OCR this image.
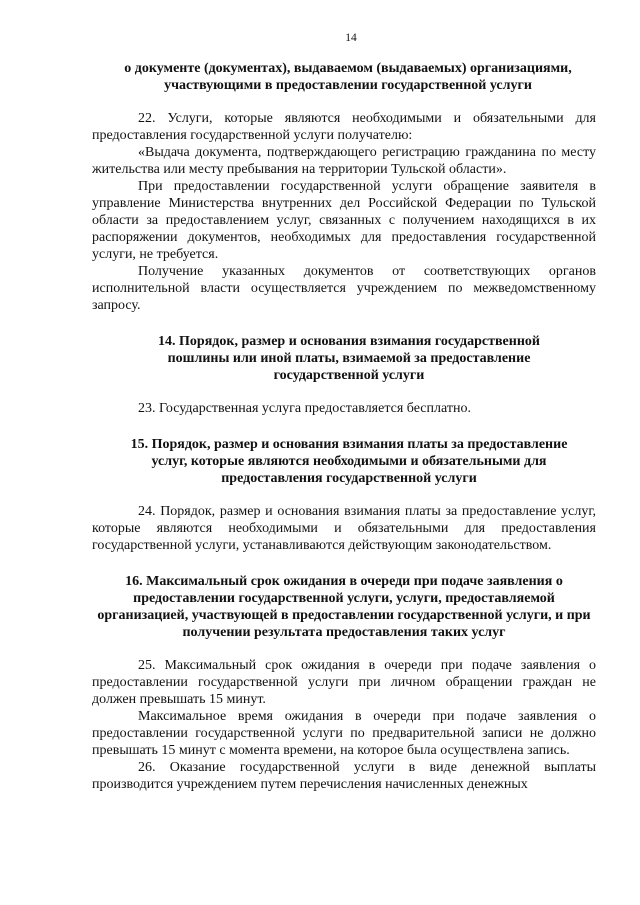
14
о документе (документах), выдаваемом (выдаваемых) организациями, участвующими в предоставлении государственной услуги

22. Услуги, которые являются необходимыми и обязательными для предоставления государственной услуги получателю:

«Выдача документа, подтверждающего регистрацию гражданина по месту жительства или месту пребывания на территории Тульской области».

При предоставлении государственной услуги обращение заявителя в управление Министерства внутренних дел Российской Федерации по Тульской области за предоставлением услуг, связанных с получением находящихся в их распоряжении документов, необходимых для предоставления государственной услуги, не требуется.

Получение указанных документов от соответствующих органов исполнительной власти осуществляется учреждением по межведомственному запросу.

14. Порядок, размер и основания взимания государственной пошлины или иной платы, взимаемой за предоставление государственной услуги

23. Государственная услуга предоставляется бесплатно.

15. Порядок, размер и основания взимания платы за предоставление услуг, которые являются необходимыми и обязательными для предоставления государственной услуги

24. Порядок, размер и основания взимания платы за предоставление услуг, которые являются необходимыми и обязательными для предоставления государственной услуги, устанавливаются действующим законодательством.

16. Максимальный срок ожидания в очереди при подаче заявления о предоставлении государственной услуги, услуги, предоставляемой организацией, участвующей в предоставлении государственной услуги, и при получении результата предоставления таких услуг

25. Максимальный срок ожидания в очереди при подаче заявления о предоставлении государственной услуги при личном обращении граждан не должен превышать 15 минут.

Максимальное время ожидания в очереди при подаче заявления о предоставлении государственной услуги по предварительной записи не должно превышать 15 минут с момента времени, на которое была осуществлена запись.

26. Оказание государственной услуги в виде денежной выплаты производится учреждением путем перечисления начисленных денежных
